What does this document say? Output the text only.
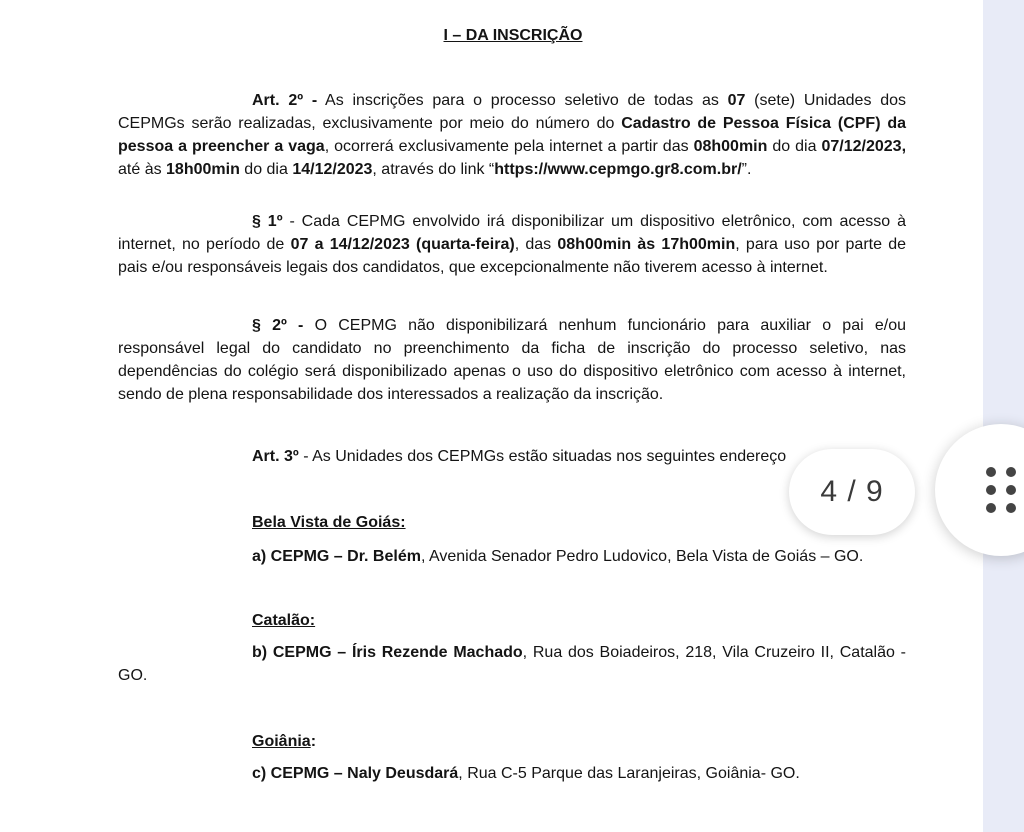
I – DA INSCRIÇÃO

Art. 2º - As inscrições para o processo seletivo de todas as 07 (sete) Unidades dos CEPMGs serão realizadas, exclusivamente por meio do número do Cadastro de Pessoa Física (CPF) da pessoa a preencher a vaga, ocorrerá exclusivamente pela internet a partir das 08h00min do dia 07/12/2023, até às 18h00min do dia 14/12/2023, através do link “https://www.cepmgo.gr8.com.br/”.

§ 1º - Cada CEPMG envolvido irá disponibilizar um dispositivo eletrônico, com acesso à internet, no período de 07 a 14/12/2023 (quarta-feira), das 08h00min às 17h00min, para uso por parte de pais e/ou responsáveis legais dos candidatos, que excepcionalmente não tiverem acesso à internet.

§ 2º - O CEPMG não disponibilizará nenhum funcionário para auxiliar o pai e/ou responsável legal do candidato no preenchimento da ficha de inscrição do processo seletivo, nas dependências do colégio será disponibilizado apenas o uso do dispositivo eletrônico com acesso à internet, sendo de plena responsabilidade dos interessados a realização da inscrição.

Art. 3º - As Unidades dos CEPMGs estão situadas nos seguintes endereço

Bela Vista de Goiás:

a) CEPMG – Dr. Belém, Avenida Senador Pedro Ludovico, Bela Vista de Goiás – GO.

Catalão:

b) CEPMG – Íris Rezende Machado, Rua dos Boiadeiros, 218, Vila Cruzeiro II, Catalão - GO.

Goiânia:

c) CEPMG – Naly Deusdará, Rua C-5 Parque das Laranjeiras, Goiânia- GO.

4 / 9
